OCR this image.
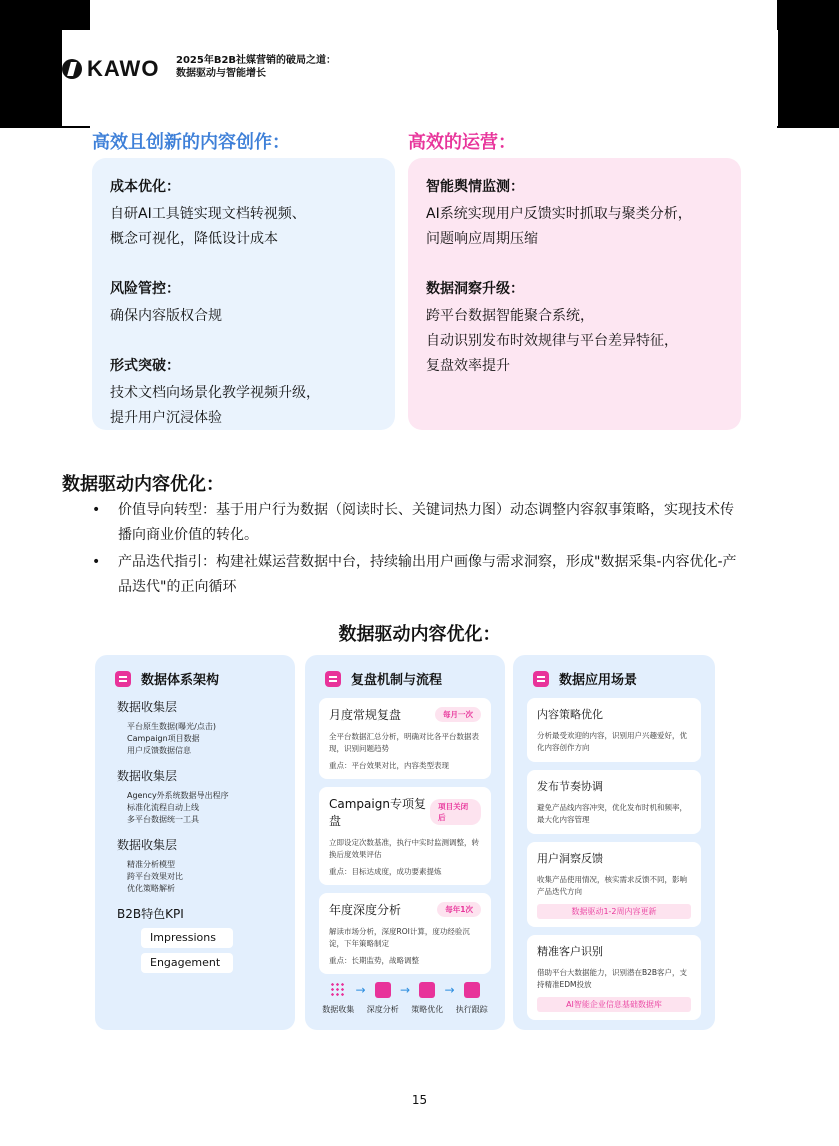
KAWO 2025年B2B社媒营销的破局之道：
数据驱动与智能增长
高效且创新的内容创作：	高效的运营：
成本优化：

自研AI工具链实现文档转视频、

概念可视化，降低设计成本

风险管控：

确保内容版权合规

形式突破：

技术文档向场景化教学视频升级，

提升用户沉浸体验

智能舆情监测：

AI系统实现用户反馈实时抓取与聚类分析，

问题响应周期压缩

数据洞察升级：

跨平台数据智能聚合系统，

自动识别发布时效规律与平台差异特征，

复盘效率提升

数据驱动内容优化：
• 价值导向转型：基于用户行为数据（阅读时长、关键词热力图）动态调整内容叙事策略，实现技术传播向商业价值的转化。
• 产品迭代指引：构建社媒运营数据中台，持续输出用户画像与需求洞察，形成"数据采集-内容优化-产品迭代"的正向循环
数据驱动内容优化：
数据体系架构
数据收集层
平台原生数据(曝光/点击)
Campaign项目数据
用户反馈数据信息
数据收集层
Agency外系统数据导出程序
标准化流程自动上线
多平台数据统一工具
数据收集层
精准分析模型
跨平台效果对比
优化策略解析
B2B特色KPI
Impressions
Engagement
复盘机制与流程
月度常规复盘	每月一次
全平台数据汇总分析，明确对比各平台数据表现，识别问题趋势
重点：平台效果对比，内容类型表现
Campaign专项复盘
项目关闭后
立即设定次数基准，执行中实时监测调整，转换后度效果评估
重点：目标达成度，成功要素提炼
年度深度分析	每年1次
解读市场分析，深度ROI计算，度功经验沉淀，下年策略制定
重点：长期监势，战略调整
数据收集
→
深度分析
→
策略优化
→
执行跟踪
数据应用场景
内容策略优化
分析最受欢迎的内容，识别用户兴趣爱好，优化内容创作方向
发布节奏协调
避免产品线内容冲突，优化发布时机和频率，最大化内容管理
用户洞察反馈
收集产品使用情况，核实需求反馈不同，影响产品迭代方向
数据驱动1-2周内容更新
精准客户识别
借助平台大数据能力，识别潜在B2B客户，支持精准EDM投放
AI智能企业信息基础数据库
15
